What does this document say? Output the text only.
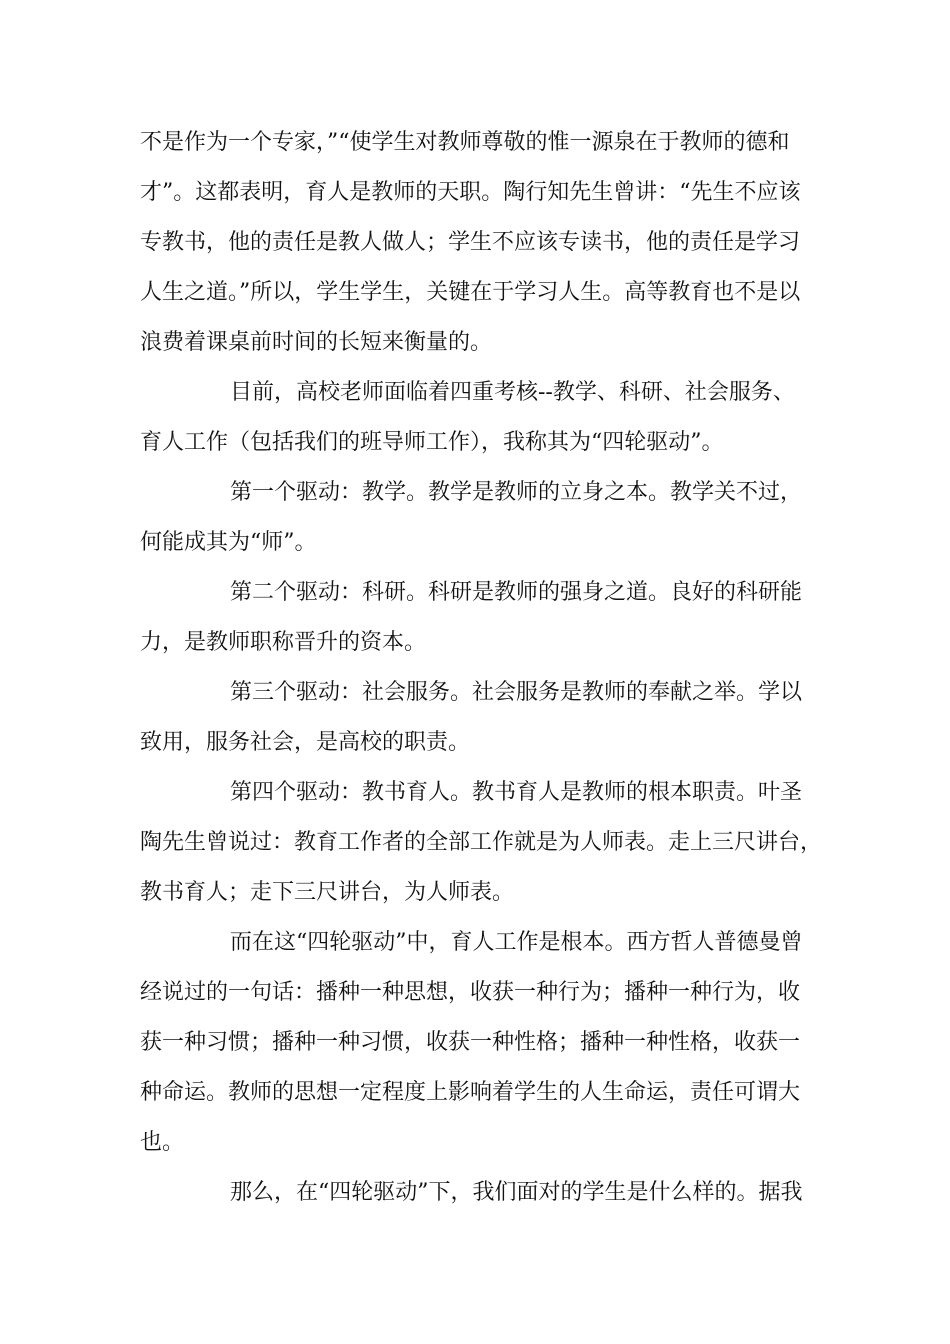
不是作为一个专家，”“使学生对教师尊敬的惟一源泉在于教师的德和
才”。这都表明，育人是教师的天职。陶行知先生曾讲：“先生不应该
专教书，他的责任是教人做人；学生不应该专读书，他的责任是学习
人生之道。”所以，学生学生，关键在于学习人生。高等教育也不是以
浪费着课桌前时间的长短来衡量的。
目前，高校老师面临着四重考核--教学、科研、社会服务、
育人工作（包括我们的班导师工作），我称其为“四轮驱动”。
第一个驱动：教学。教学是教师的立身之本。教学关不过，
何能成其为“师”。
第二个驱动：科研。科研是教师的强身之道。良好的科研能
力，是教师职称晋升的资本。
第三个驱动：社会服务。社会服务是教师的奉献之举。学以
致用，服务社会，是高校的职责。
第四个驱动：教书育人。教书育人是教师的根本职责。叶圣
陶先生曾说过：教育工作者的全部工作就是为人师表。走上三尺讲台，
教书育人；走下三尺讲台，为人师表。
而在这“四轮驱动”中，育人工作是根本。西方哲人普德曼曾
经说过的一句话：播种一种思想，收获一种行为；播种一种行为，收
获一种习惯；播种一种习惯，收获一种性格；播种一种性格，收获一
种命运。教师的思想一定程度上影响着学生的人生命运，责任可谓大
也。
那么，在“四轮驱动”下，我们面对的学生是什么样的。据我
